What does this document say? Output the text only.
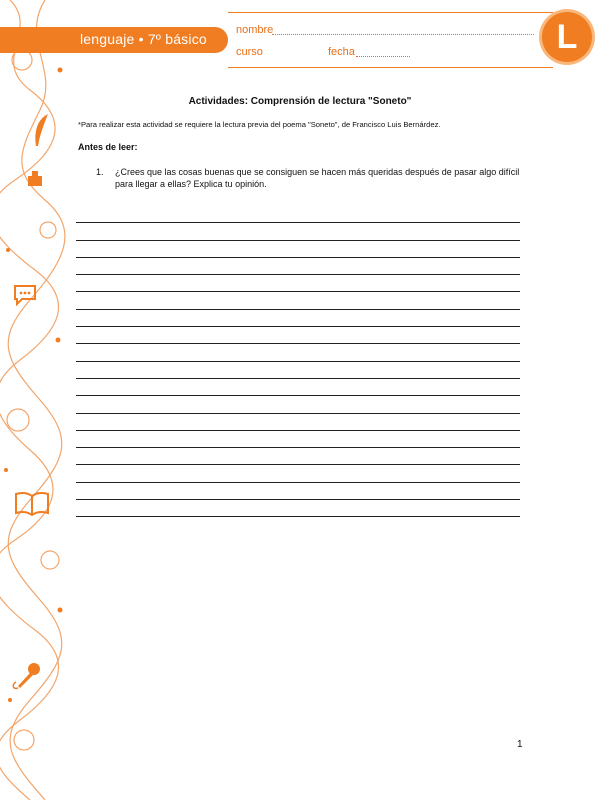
lenguaje • 7º básico
nombre
curso	fecha	L
Actividades: Comprensión de lectura "Soneto"
*Para realizar esta actividad se requiere la lectura previa del poema "Soneto", de Francisco Luis Bernárdez.
Antes de leer:
1. ¿Crees que las cosas buenas que se consiguen se hacen más queridas después de pasar algo difícil para llegar a ellas? Explica tu opinión.
1
